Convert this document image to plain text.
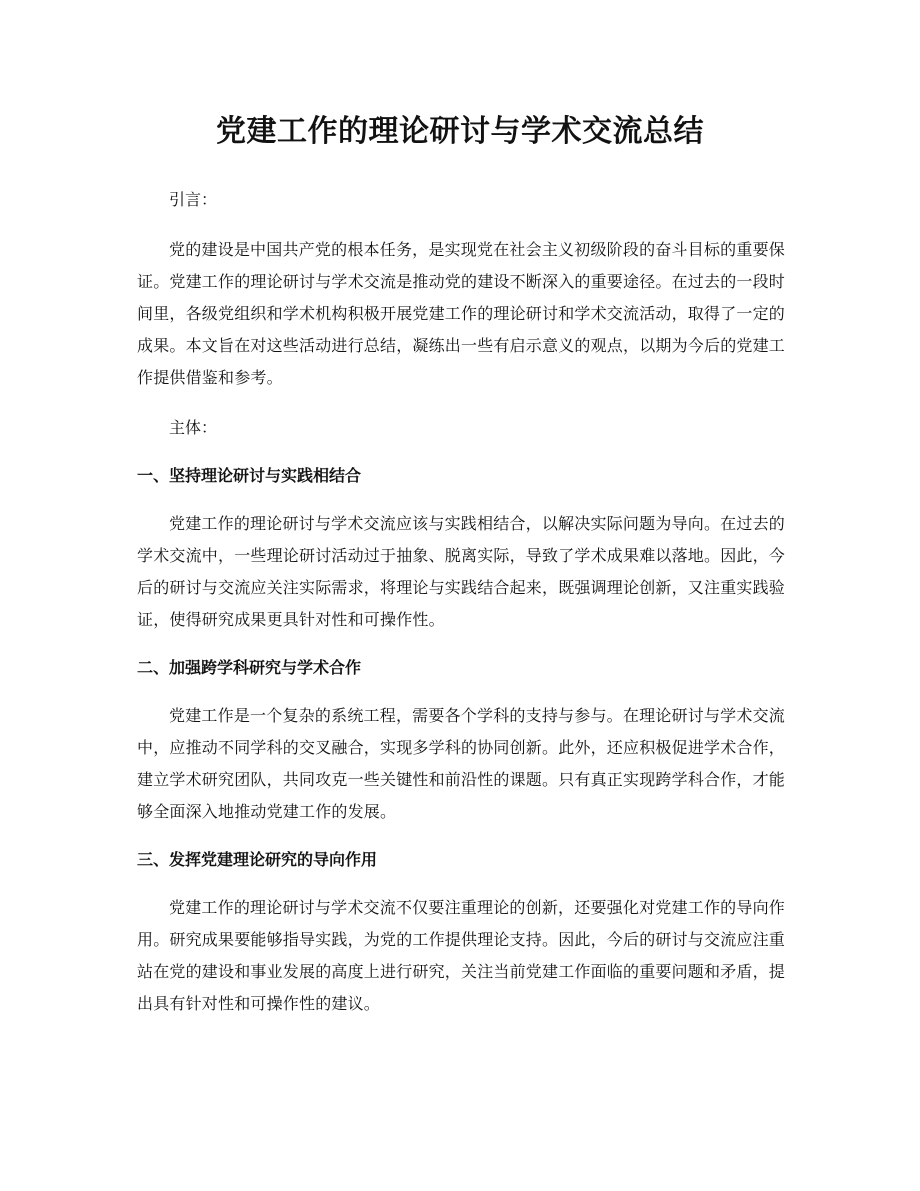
党建工作的理论研讨与学术交流总结

引言：

党的建设是中国共产党的根本任务，是实现党在社会主义初级阶段的奋斗目标的重要保证。党建工作的理论研讨与学术交流是推动党的建设不断深入的重要途径。在过去的一段时间里，各级党组织和学术机构积极开展党建工作的理论研讨和学术交流活动，取得了一定的成果。本文旨在对这些活动进行总结，凝练出一些有启示意义的观点，以期为今后的党建工作提供借鉴和参考。

主体：

一、坚持理论研讨与实践相结合

党建工作的理论研讨与学术交流应该与实践相结合，以解决实际问题为导向。在过去的学术交流中，一些理论研讨活动过于抽象、脱离实际，导致了学术成果难以落地。因此，今后的研讨与交流应关注实际需求，将理论与实践结合起来，既强调理论创新，又注重实践验证，使得研究成果更具针对性和可操作性。

二、加强跨学科研究与学术合作

党建工作是一个复杂的系统工程，需要各个学科的支持与参与。在理论研讨与学术交流中，应推动不同学科的交叉融合，实现多学科的协同创新。此外，还应积极促进学术合作，建立学术研究团队，共同攻克一些关键性和前沿性的课题。只有真正实现跨学科合作，才能够全面深入地推动党建工作的发展。

三、发挥党建理论研究的导向作用

党建工作的理论研讨与学术交流不仅要注重理论的创新，还要强化对党建工作的导向作用。研究成果要能够指导实践，为党的工作提供理论支持。因此，今后的研讨与交流应注重站在党的建设和事业发展的高度上进行研究，关注当前党建工作面临的重要问题和矛盾，提出具有针对性和可操作性的建议。
